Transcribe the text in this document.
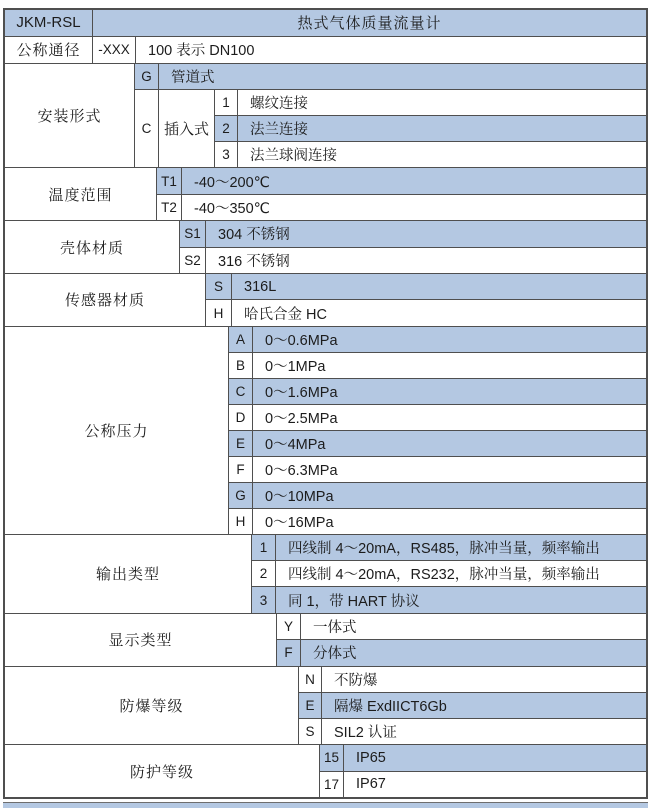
JKM-RSL	热式气体质量流量计
公称通径	-XXX	100 表示 DN100
安装形式
G	管道式
C 插入式
1	螺纹连接
2	法兰连接
3	法兰球阀连接
温度范围
T1	-40～200℃
T2	-40～350℃
壳体材质
S1	304 不锈钢
S2	316 不锈钢
传感器材质
S	316L
H	哈氏合金 HC
公称压力
A	0～0.6MPa
B	0～1MPa
C	0～1.6MPa
D	0～2.5MPa
E	0～4MPa
F	0～6.3MPa
G	0～10MPa
H	0～16MPa
输出类型
1	四线制 4～20mA，RS485，脉冲当量，频率输出
2	四线制 4～20mA，RS232，脉冲当量，频率输出
3	同 1，带 HART 协议
显示类型
Y	一体式
F	分体式
防爆等级
N	不防爆
E	隔爆 ExdIICT6Gb
S	SIL2 认证
防护等级
15	IP65
17	IP67
